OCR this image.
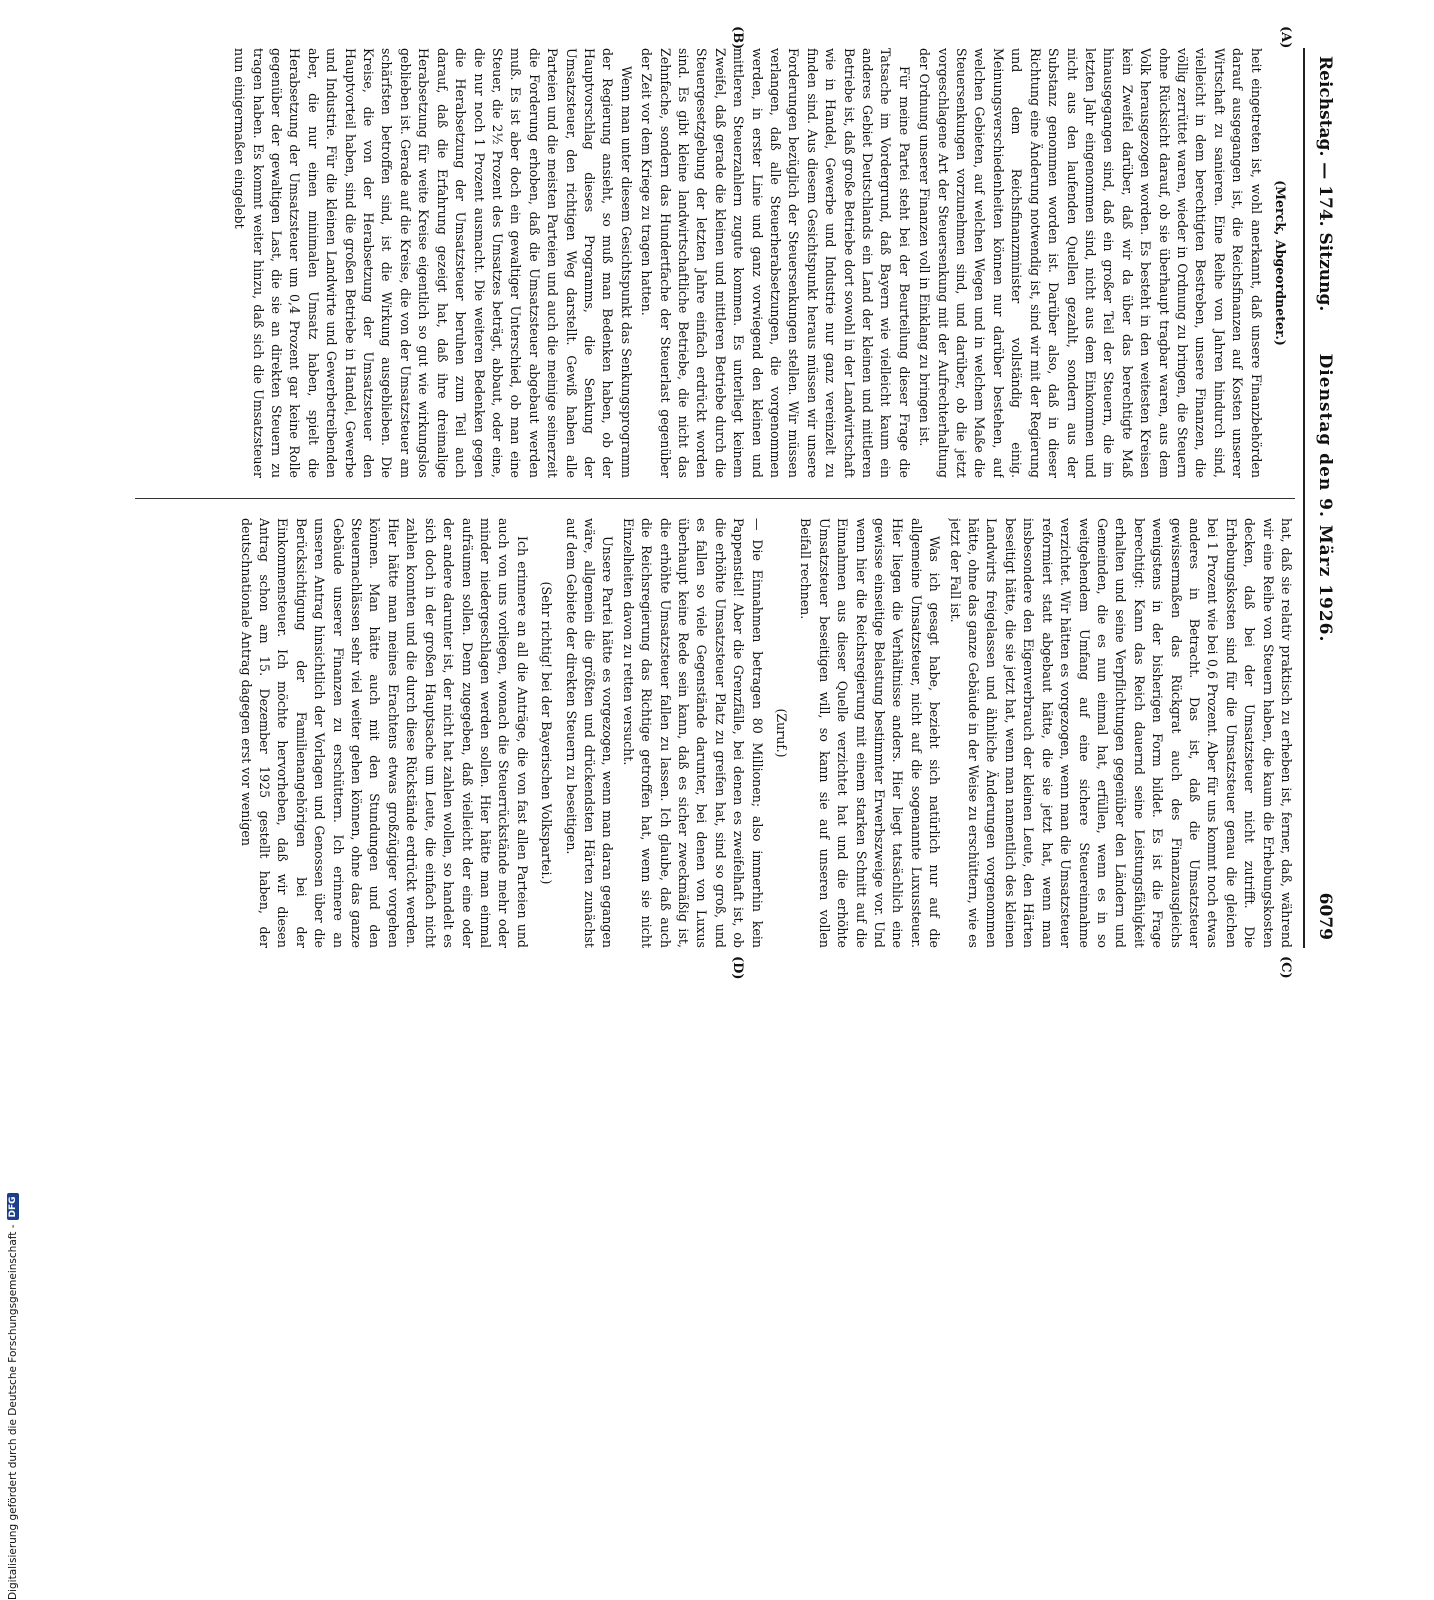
Reichstag. — 174. Sitzung.
Dienstag den 9. März 1926.
6079
(A)
(B)
(C)
(D)

(Merck, Abgeordneter.)

heit eingetreten ist, wohl anerkannt, daß unsere Finanzbehörden darauf ausgegangen ist, die Reichsfinanzen auf Kosten unserer Wirtschaft zu sanieren. Eine Reihe von Jahren hindurch sind, vielleicht in dem berechtigten Bestreben, unsere Finanzen, die völlig zerrüttet waren, wieder in Ordnung zu bringen, die Steuern ohne Rücksicht darauf, ob sie überhaupt tragbar waren, aus dem Volk herausgezogen worden. Es besteht in den weitesten Kreisen kein Zweifel darüber, daß wir da über das berechtigte Maß hinausgegangen sind, daß ein großer Teil der Steuern, die im letzten Jahr eingenommen sind, nicht aus dem Einkommen und nicht aus den laufenden Quellen gezahlt, sondern aus der Substanz genommen worden ist. Darüber also, daß in dieser Richtung eine Änderung notwendig ist, sind wir mit der Regierung und dem Reichsfinanzminister vollständig einig. Meinungsverschiedenheiten können nur darüber bestehen, auf welchen Gebieten, auf welchen Wegen und in welchem Maße die Steuersenkungen vorzunehmen sind, und darüber, ob die jetzt vorgeschlagene Art der Steuersenkung mit der Aufrechterhaltung der Ordnung unserer Finanzen voll in Einklang zu bringen ist.

Für meine Partei steht bei der Beurteilung dieser Frage die Tatsache im Vordergrund, daß Bayern wie vielleicht kaum ein anderes Gebiet Deutschlands ein Land der kleinen und mittleren Betriebe ist, daß große Betriebe dort sowohl in der Landwirtschaft wie in Handel, Gewerbe und Industrie nur ganz vereinzelt zu finden sind. Aus diesem Gesichtspunkt heraus müssen wir unsere Forderungen bezüglich der Steuersenkungen stellen. Wir müssen verlangen, daß alle Steuerherabsetzungen, die vorgenommen werden, in erster Linie und ganz vorwiegend den kleinen und mittleren Steuerzahlern zugute kommen. Es unterliegt keinem Zweifel, daß gerade die kleinen und mittleren Betriebe durch die Steuergesetzgebung der letzten Jahre einfach erdrückt worden sind. Es gibt kleine landwirtschaftliche Betriebe, die nicht das Zehnfache, sondern das Hundertfache der Steuerlast gegenüber der Zeit vor dem Kriege zu tragen hatten.

Wenn man unter diesem Gesichtspunkt das Senkungsprogramm der Regierung ansieht, so muß man Bedenken haben, ob der Hauptvorschlag dieses Programms, die Senkung der Umsatzsteuer, den richtigen Weg darstellt. Gewiß haben alle Parteien und die meisten Parteien und auch die meinige seinerzeit die Forderung erhoben, daß die Umsatzsteuer abgebaut werden muß. Es ist aber doch ein gewaltiger Unterschied, ob man eine Steuer, die 2½ Prozent des Umsatzes beträgt, abbaut, oder eine, die nur noch 1 Prozent ausmacht. Die weiteren Bedenken gegen die Herabsetzung der Umsatzsteuer beruhen zum Teil auch darauf, daß die Erfahrung gezeigt hat, daß ihre dreimalige Herabsetzung für weite Kreise eigentlich so gut wie wirkungslos geblieben ist. Gerade auf die Kreise, die von der Umsatzsteuer am schärfsten betroffen sind, ist die Wirkung ausgeblieben. Die Kreise, die von der Herabsetzung der Umsatzsteuer den Hauptvorteil haben, sind die großen Betriebe in Handel, Gewerbe und Industrie. Für die kleinen Landwirte und Gewerbetreibenden aber, die nur einen minimalen Umsatz haben, spielt die Herabsetzung der Umsatzsteuer um 0,4 Prozent gar keine Rolle gegenüber der gewaltigen Last, die sie an direkten Steuern zu tragen haben. Es kommt weiter hinzu, daß sich die Umsatzsteuer nun einigermaßen eingelebt

hat, daß sie relativ praktisch zu erheben ist, ferner, daß, während wir eine Reihe von Steuern haben, die kaum die Erhebungskosten decken, daß bei der Umsatzsteuer nicht zutrifft. Die Erhebungskosten sind für die Umsatzsteuer genau die gleichen bei 1 Prozent wie bei 0,6 Prozent. Aber für uns kommt noch etwas anderes in Betracht. Das ist, daß die Umsatzsteuer gewissermaßen das Rückgrat auch des Finanzausgleichs wenigstens in der bisherigen Form bildet. Es ist die Frage berechtigt: Kann das Reich dauernd seine Leistungsfähigkeit erhalten und seine Verpflichtungen gegenüber den Ländern und Gemeinden, die es nun einmal hat, erfüllen, wenn es in so weitgehendem Umfang auf eine sichere Steuereinnahme verzichtet. Wir hätten es vorgezogen, wenn man die Umsatzsteuer reformiert statt abgebaut hätte, die sie jetzt hat, wenn man insbesondere den Eigenverbrauch der kleinen Leute, den Härten beseitigt hätte, die sie jetzt hat, wenn man namentlich des kleinen Landwirts freigelassen und ähnliche Änderungen vorgenommen hätte, ohne das ganze Gebäude in der Weise zu erschüttern, wie es jetzt der Fall ist.

Was ich gesagt habe, bezieht sich natürlich nur auf die allgemeine Umsatzsteuer, nicht auf die sogenannte Luxussteuer. Hier liegen die Verhältnisse anders. Hier liegt tatsächlich eine gewisse einseitige Belastung bestimmter Erwerbszweige vor. Und wenn hier die Reichsregierung mit einem starken Schnitt auf die Einnahmen aus dieser Quelle verzichtet hat und die erhöhte Umsatzsteuer beseitigen will, so kann sie auf unseren vollen Beifall rechnen.

(Zuruf.)

— Die Einnahmen betragen 80 Millionen; also immerhin kein Pappenstiel! Aber die Grenzfälle, bei denen es zweifelhaft ist, ob die erhöhte Umsatzsteuer Platz zu greifen hat, sind so groß, und es fallen so viele Gegenstände darunter, bei denen von Luxus überhaupt keine Rede sein kann, daß es sicher zweckmäßig ist, die erhöhte Umsatzsteuer fallen zu lassen. Ich glaube, daß auch die Reichsregierung das Richtige getroffen hat, wenn sie nicht Einzelheiten davon zu retten versucht.

Unsere Partei hätte es vorgezogen, wenn man daran gegangen wäre, allgemein die größten und drückendsten Härten zunächst auf dem Gebiete der direkten Steuern zu beseitigen.

(Sehr richtig! bei der Bayerischen Volkspartei.)

Ich erinnere an all die Anträge, die von fast allen Parteien und auch von uns vorliegen, wonach die Steuerrückstände mehr oder minder niedergeschlagen werden sollen. Hier hätte man einmal aufräumen sollen. Denn zugegeben, daß vielleicht der eine oder der andere darunter ist, der nicht hat zahlen wollen, so handelt es sich doch in der großen Hauptsache um Leute, die einfach nicht zahlen konnten und die durch diese Rückstände erdrückt werden. Hier hätte man meines Erachtens etwas großzügiger vorgehen können. Man hätte auch mit den Stundungen und den Steuernachlässen sehr viel weiter gehen können, ohne das ganze Gebäude unserer Finanzen zu erschüttern. Ich erinnere an unseren Antrag hinsichtlich der Vorlagen und Genossen über die Berücksichtigung der Familienangehörigen bei der Einkommensteuer. Ich möchte hervorheben, daß wir diesen Antrag schon am 15. Dezember 1925 gestellt haben, der deutschnationale Antrag dagegen erst vor wenigen

Digitalisierung gefördert durch die Deutsche Forschungsgemeinschaft -
DFG
